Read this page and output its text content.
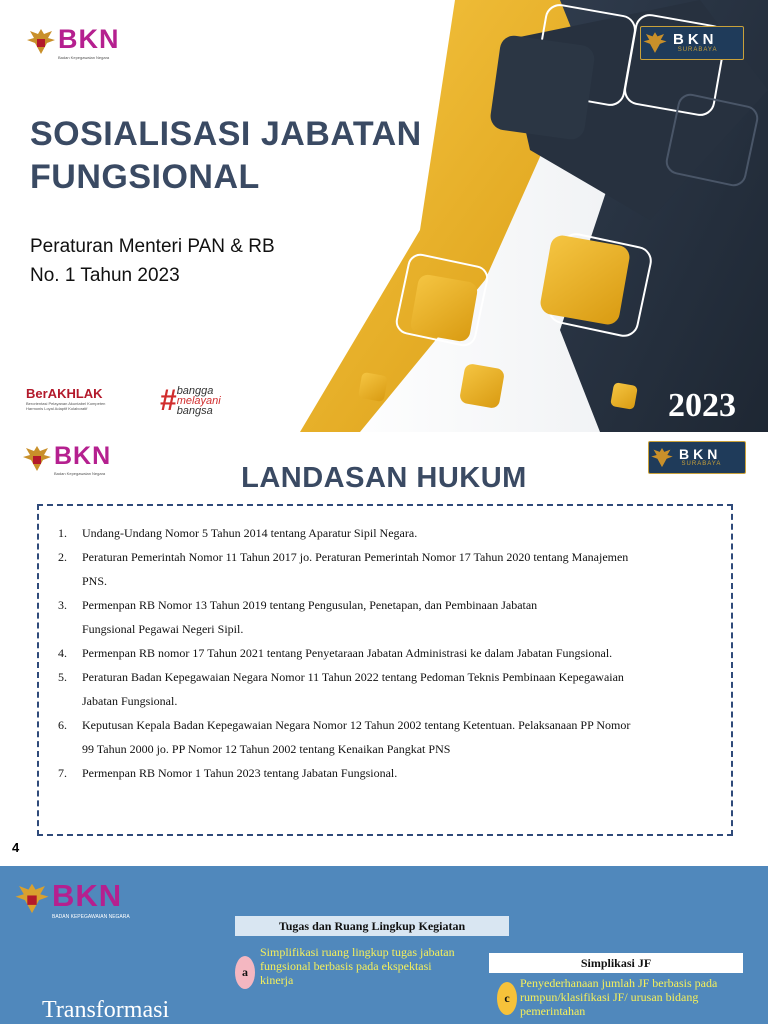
BKN
Badan Kepegawaian Negara
BKN
SURABAYA
SOSIALISASI JABATAN FUNGSIONAL
Peraturan Menteri PAN & RB
No. 1 Tahun 2023
BerAKHLAK
Berorientasi Pelayanan Akuntabel Kompeten Harmonis Loyal Adaptif Kolaboratif	# bangga
melayani
bangsa	2023
BKN
Badan Kepegawaian Negara
BKN
SURABAYA
LANDASAN HUKUM
1.	Undang-Undang Nomor 5 Tahun 2014 tentang Aparatur Sipil Negara.
2.	Peraturan Pemerintah Nomor 11 Tahun 2017 jo. Peraturan Pemerintah Nomor 17 Tahun 2020 tentang Manajemen
PNS.
3.	Permenpan RB Nomor 13 Tahun 2019 tentang Pengusulan, Penetapan, dan Pembinaan Jabatan
Fungsional Pegawai Negeri Sipil.
4.	Permenpan RB nomor 17 Tahun 2021 tentang Penyetaraan Jabatan Administrasi ke dalam Jabatan Fungsional.
5.	Peraturan Badan Kepegawaian Negara Nomor 11 Tahun 2022 tentang Pedoman Teknis Pembinaan Kepegawaian
Jabatan Fungsional.
6.	Keputusan Kepala Badan Kepegawaian Negara Nomor 12 Tahun 2002 tentang Ketentuan. Pelaksanaan PP Nomor
99 Tahun 2000 jo. PP Nomor 12 Tahun 2002 tentang Kenaikan Pangkat PNS
7.	Permenpan RB Nomor 1 Tahun 2023 tentang Jabatan Fungsional.
4
BKN
BADAN KEPEGAWAIAN NEGARA
Tugas dan Ruang Lingkup Kegiatan
a
Simplifikasi ruang lingkup tugas jabatan fungsional berbasis pada ekspektasi kinerja
Simplikasi JF
c
Penyederhanaan jumlah JF berbasis pada rumpun/klasifikasi JF/ urusan bidang pemerintahan
Transformasi
